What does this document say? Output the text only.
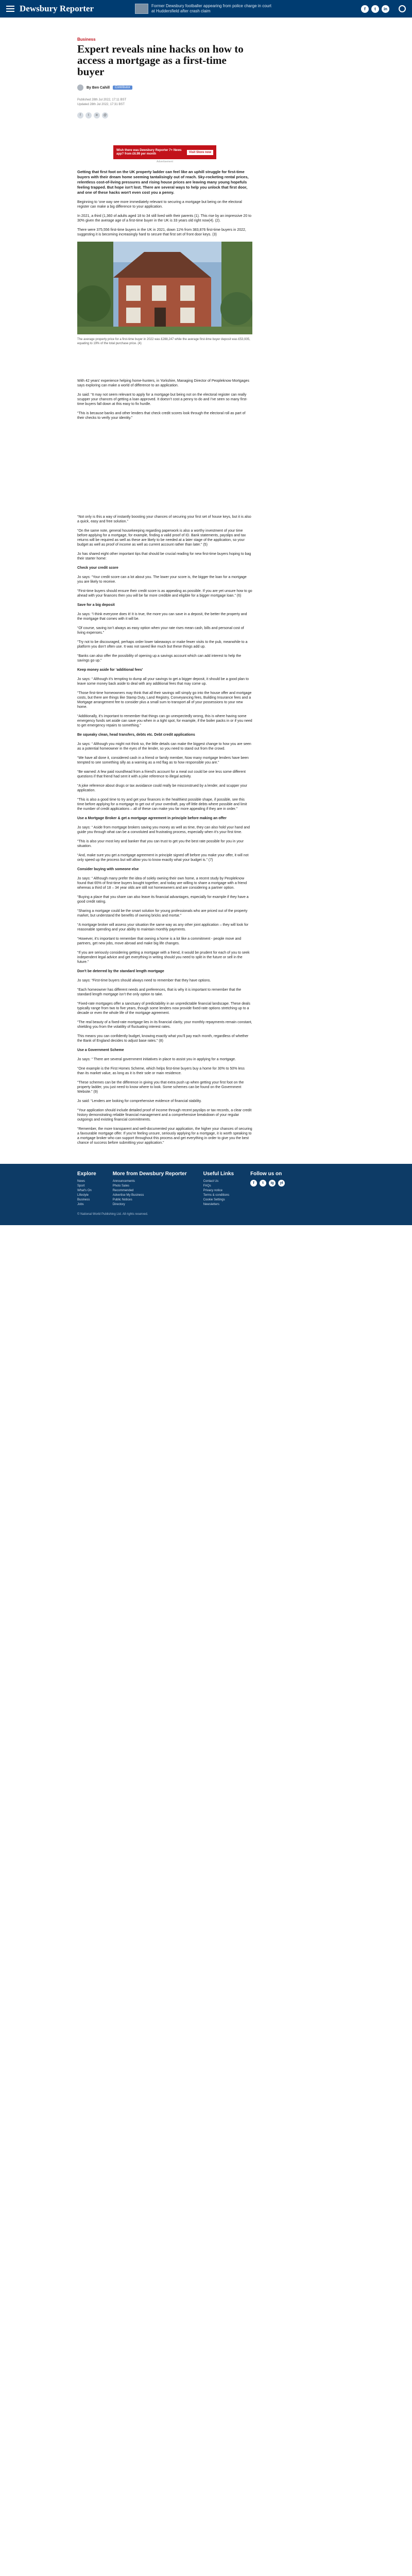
Dewsbury Reporter	Former Dewsbury footballer appearing from police charge in court at Huddersfield after crash claim	f	t	in
Business
Expert reveals nine hacks on how to access a mortgage as a first-time buyer
By Ben Cahill	Contributor
Published 28th Jul 2022, 17:11 BST
Updated 28th Jul 2022, 17:31 BST
f	t	in	@
Wish there was Dewsbury Reporter 7+ News app? from £6.99 per month	Visit Store now
Advertisement

Getting that first foot on the UK property ladder can feel like an uphill struggle for first-time buyers with their dream home seeming tantalisingly out of reach. Sky-rocketing rental prices, relentless cost-of-living pressures and rising house prices are leaving many young hopefuls feeling trapped. But hope isn't lost. There are several ways to help you unlock that first door, and one of these hacks won't even cost you a penny.

Beginning to ‘one way see more immediately relevant to securing a mortgage but being on the electoral register can make a big difference to your application.

In 2021, a third (1,360 of adults aged 18 to 34 still lived with their parents (1). This rise by an impressive 20 to 30% given the average age of a first-time buyer in the UK is 33 years old right now(4). (2).

There were 375,556 first-time buyers in the UK in 2021, down 11% from 383,876 first-time buyers in 2022, suggesting it is becoming increasingly hard to secure that first set of front door keys. (3)

The average property price for a first-time buyer in 2022 was £288,247 while the average first-time buyer deposit was £53,935, equating to 19% of the total purchase price. (4)

With 42 years’ experience helping home-hunters, in Yorkshire, Managing Director of Peopleknow Mortgages says exploring can make a world of difference to an application.

Jo said: “It may not seem relevant to apply for a mortgage but being not on the electoral register can really scupper your chances of getting a loan approved. It doesn’t cost a penny to do and I’ve seen so many first-time buyers fall down at this easy to fix hurdle.

“This is because banks and other lenders that check credit scores look through the electoral roll as part of their checks to verify your identity.”

“Not only is this a way of instantly boosting your chances of securing your first set of house keys, but it is also a quick, easy and free solution.”

“On the same note, general housekeeping regarding paperwork is also a worthy investment of your time before applying for a mortgage, for example, finding a valid proof of ID. Bank statements, payslips and tax returns will be required as well as these are likely to be needed at a later stage of the application, so your budget as well as proof of income as well as current account rather than later.” (5)

Jo has shared eight other important tips that should be crucial reading for new first-time buyers hoping to bag their starter home:

Check your credit score

Jo says: “Your credit score can a lot about you. The lower your score is, the bigger the loan for a mortgage you are likely to receive.

“First-time buyers should ensure their credit score is as appealing as possible. If you are yet unsure how to go ahead with your finances then you will be far more credible and eligible for a bigger mortgage loan.” (6)

Save for a big deposit

Jo says: “I think everyone does it! It is true, the more you can save in a deposit, the better the property and the mortgage that comes with it will be.

“Of course, saving isn’t always as easy option when your rate rises mean cash, bills and personal cost of living expenses.”

“Try not to be discouraged, perhaps order lower takeaways or make fewer visits to the pub, meanwhile to a platform you don’t often use. It was not saved like much but these things add up.

“Banks can also offer the possibility of opening up a savings account which can add interest to help the savings go up.”

Keep money aside for ‘additional fees’

Jo says: “ Although it’s tempting to dump all your savings to get a bigger deposit, it should be a good plan to leave some money back aside to deal with any additional fees that may come up.

“Those first-time homeowners may think that all their savings will simply go into the house offer and mortgage costs, but there are things like Stamp Duty, Land Registry, Conveyancing fees, Building Insurance fees and a Mortgage arrangement fee to consider plus a small sum to transport all of your possessions to your new home.

“Additionally, it’s important to remember that things can go unexpectedly wrong, this is where having some emergency funds set aside can save you when in a tight spot, for example, if the boiler packs in or if you need to get emergency repairs to something.”

Be squeaky clean, head transfers, debts etc. Debt credit applications

Jo says: “ Although you might not think so, the little details can make the biggest change to how you are seen as a potential homeowner in the eyes of the lender, so you need to stand out from the crowd.

“We have all done it, considered cash in a friend or family member, Now many mortgage lenders have been tempted to see something silly as a warning as a red flag as to how responsible you are.”

“Be warned: A few paid roundhead from a friend’s account for a meal out could be one less some different questions if that friend had sent it with a joke reference to illegal activity.

“A joke reference about drugs or tax avoidance could really be misconstrued by a lender, and scupper your application.

“This is also a good time to try and get your finances in the healthiest possible shape, if possible, see this time before applying for a mortgage to get out of your overdraft, pay off little debts where possible and limit the number of credit applications – all of these can make you far more appealing if they are in order.”

Use a Mortgage Broker & get a mortgage agreement in principle before making an offer

Jo says: “ Aside from mortgage brokers saving you money as well as time, they can also hold your hand and guide you through what can be a convoluted and frustrating process, especially when it’s your first time.

“This is also your most key and banker that you can trust to get you the best rate possible for you in your situation.

“And, make sure you get a mortgage agreement in principle signed off before you make your offer, it will not only speed up the process but will allow you to know exactly what your budget is.” (7)

Consider buying with someone else

Jo says: “ Although many prefer the idea of solely owning their own home, a recent study by Peopleknow found that 65% of first-time buyers bought together, and today are willing to share a mortgage with a friend whereas a third of 18 – 34 year olds are still not homeowners and are considering a partner option.

“Buying a place that you share can also leave its financial advantages, especially for example if they have a good credit rating.

“Sharing a mortgage could be the smart solution for young professionals who are priced out of the property market, but understand the benefits of owning bricks and mortar.”

“A mortgage broker will assess your situation the same way as any other joint application – they will look for reasonable spending and your ability to maintain monthly payments.

“However, it’s important to remember that owning a home is a lot like a commitment - people move and partners, get new jobs, move abroad and make big life changes.

“If you are seriously considering getting a mortgage with a friend, it would be prudent for each of you to seek independent legal advice and get everything in writing should you need to split in the future or sell in the future.”

Don’t be deterred by the standard length mortgage

Jo says: “First-time buyers should always need to remember that they have options.

“Each homeowner has different needs and preferences, that is why it is important to remember that the standard length mortgage isn’t the only option to take.

“Fixed-rate mortgages offer a sanctuary of predictability in an unpredictable financial landscape. These deals typically range from two to five years, though some lenders now provide fixed-rate options stretching up to a decade or even the whole life of the mortgage agreement.

“The real beauty of a fixed-rate mortgage lies in its financial clarity, your monthly repayments remain constant, shielding you from the volatility of fluctuating interest rates.

This means you can confidently budget, knowing exactly what you’ll pay each month, regardless of whether the Bank of England decides to adjust base rates.” (8)

Use a Government Scheme

Jo says: “ There are several government initiatives in place to assist you in applying for a mortgage.

“One example is the First Homes Scheme, which helps first-time buyers buy a home for 30% to 50% less than its market value, as long as it is their sole or main residence.

“These schemes can be the difference in giving you that extra push up when getting your first foot on the property ladder, you just need to know where to look. Some schemes can be found on the Government Website.” (9)

Jo said: “Lenders are looking for comprehensive evidence of financial stability.

“Your application should include detailed proof of income through recent payslips or tax records, a clear credit history demonstrating reliable financial management and a comprehensive breakdown of your regular outgoings and existing financial commitments.

“Remember, the more transparent and well-documented your application, the higher your chances of securing a favourable mortgage offer. If you’re feeling unsure, seriously applying for a mortgage, it is worth speaking to a mortgage broker who can support throughout this process and get everything in order to give you the best chance of success before submitting your application.”

Explore
News
Sport
What's On
Lifestyle
Business
Jobs
More from Dewsbury Reporter
Announcements
Photo Sales
Recommended
Advertise My Business
Public Notices
Directory
Useful Links
Contact Us
FAQs
Privacy notice
Terms & conditions
Cookie Settings
Newsletters
Follow us on
f	t	ig	yt
© National World Publishing Ltd. All rights reserved.
